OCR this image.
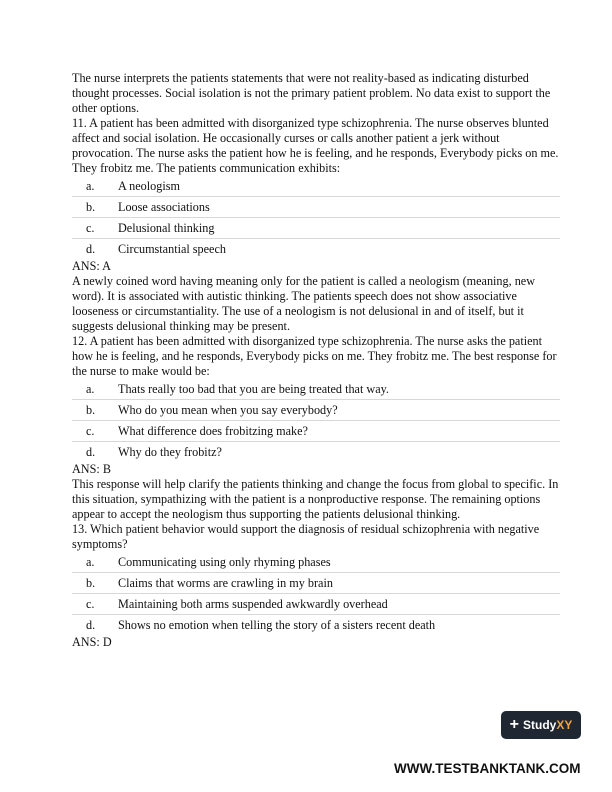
The nurse interprets the patients statements that were not reality-based as indicating disturbed thought processes. Social isolation is not the primary patient problem. No data exist to support the other options.

11. A patient has been admitted with disorganized type schizophrenia. The nurse observes blunted affect and social isolation. He occasionally curses or calls another patient a jerk without provocation. The nurse asks the patient how he is feeling, and he responds, Everybody picks on me. They frobitz me. The patients communication exhibits:

a.	A neologism
b.	Loose associations
c.	Delusional thinking
d.	Circumstantial speech

ANS: A

A newly coined word having meaning only for the patient is called a neologism (meaning, new word). It is associated with autistic thinking. The patients speech does not show associative looseness or circumstantiality. The use of a neologism is not delusional in and of itself, but it suggests delusional thinking may be present.

12. A patient has been admitted with disorganized type schizophrenia. The nurse asks the patient how he is feeling, and he responds, Everybody picks on me. They frobitz me. The best response for the nurse to make would be:

a.	Thats really too bad that you are being treated that way.
b.	Who do you mean when you say everybody?
c.	What difference does frobitzing make?
d.	Why do they frobitz?

ANS: B

This response will help clarify the patients thinking and change the focus from global to specific. In this situation, sympathizing with the patient is a nonproductive response. The remaining options appear to accept the neologism thus supporting the patients delusional thinking.

13. Which patient behavior would support the diagnosis of residual schizophrenia with negative symptoms?

a.	Communicating using only rhyming phases
b.	Claims that worms are crawling in my brain
c.	Maintaining both arms suspended awkwardly overhead
d.	Shows no emotion when telling the story of a sisters recent death

ANS: D

+ Study XY
WWW.TESTBANKTANK.COM
